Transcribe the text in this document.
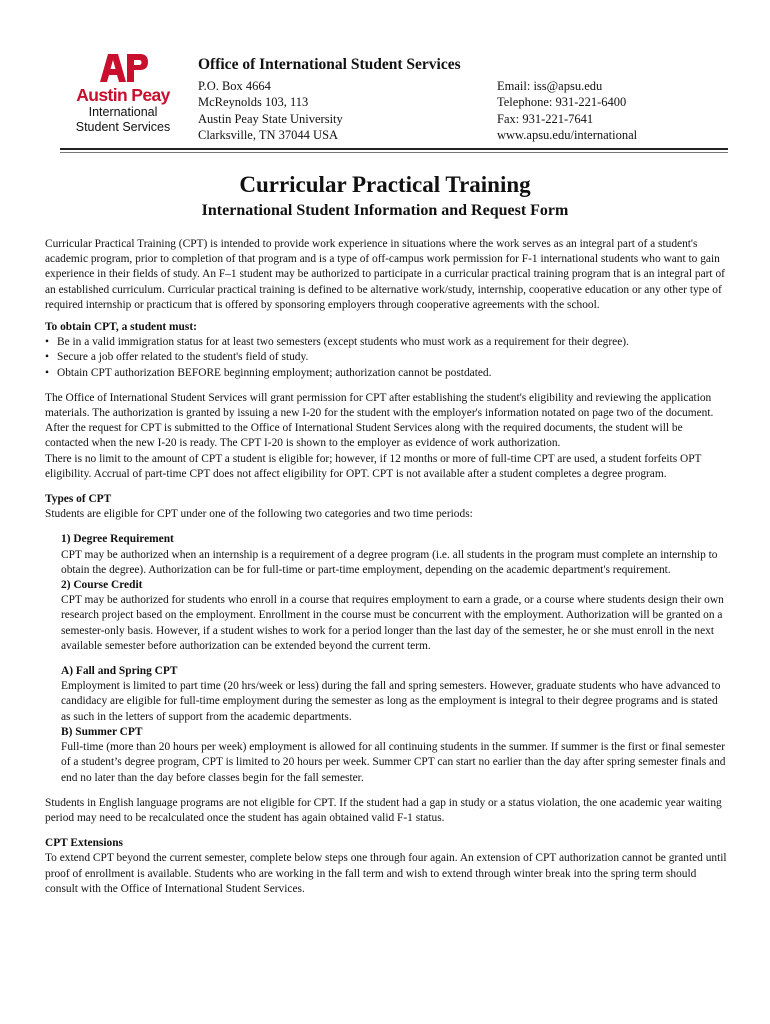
Austin Peay
International
Student Services
Office of International Student Services
P.O. Box 4664
McReynolds 103, 113
Austin Peay State University
Clarksville, TN 37044 USA
Email: iss@apsu.edu
Telephone: 931-221-6400
Fax: 931-221-7641
www.apsu.edu/international
Curricular Practical Training
International Student Information and Request Form

Curricular Practical Training (CPT) is intended to provide work experience in situations where the work serves as an integral part of a student's academic program, prior to completion of that program and is a type of off-campus work permission for F-1 international students who want to gain experience in their fields of study. An F–1 student may be authorized to participate in a curricular practical training program that is an integral part of an established curriculum. Curricular practical training is defined to be alternative work/study, internship, cooperative education or any other type of required internship or practicum that is offered by sponsoring employers through cooperative agreements with the school.

To obtain CPT, a student must:

• Be in a valid immigration status for at least two semesters (except students who must work as a requirement for their degree).
• Secure a job offer related to the student's field of study.
• Obtain CPT authorization BEFORE beginning employment; authorization cannot be postdated.

The Office of International Student Services will grant permission for CPT after establishing the student's eligibility and reviewing the application materials. The authorization is granted by issuing a new I-20 for the student with the employer's information notated on page two of the document. After the request for CPT is submitted to the Office of International Student Services along with the required documents, the student will be contacted when the new I-20 is ready. The CPT I-20 is shown to the employer as evidence of work authorization.

There is no limit to the amount of CPT a student is eligible for; however, if 12 months or more of full-time CPT are used, a student forfeits OPT eligibility. Accrual of part-time CPT does not affect eligibility for OPT. CPT is not available after a student completes a degree program.

Types of CPT

Students are eligible for CPT under one of the following two categories and two time periods:

1) Degree Requirement

CPT may be authorized when an internship is a requirement of a degree program (i.e. all students in the program must complete an internship to obtain the degree). Authorization can be for full-time or part-time employment, depending on the academic department's requirement.

2) Course Credit

CPT may be authorized for students who enroll in a course that requires employment to earn a grade, or a course where students design their own research project based on the employment. Enrollment in the course must be concurrent with the employment. Authorization will be granted on a semester-only basis. However, if a student wishes to work for a period longer than the last day of the semester, he or she must enroll in the next available semester before authorization can be extended beyond the current term.

A) Fall and Spring CPT

Employment is limited to part time (20 hrs/week or less) during the fall and spring semesters. However, graduate students who have advanced to candidacy are eligible for full-time employment during the semester as long as the employment is integral to their degree programs and is stated as such in the letters of support from the academic departments.

B) Summer CPT

Full-time (more than 20 hours per week) employment is allowed for all continuing students in the summer. If summer is the first or final semester of a student’s degree program, CPT is limited to 20 hours per week. Summer CPT can start no earlier than the day after spring semester finals and end no later than the day before classes begin for the fall semester.

Students in English language programs are not eligible for CPT. If the student had a gap in study or a status violation, the one academic year waiting period may need to be recalculated once the student has again obtained valid F-1 status.

CPT Extensions

To extend CPT beyond the current semester, complete below steps one through four again. An extension of CPT authorization cannot be granted until proof of enrollment is available. Students who are working in the fall term and wish to extend through winter break into the spring term should consult with the Office of International Student Services.
